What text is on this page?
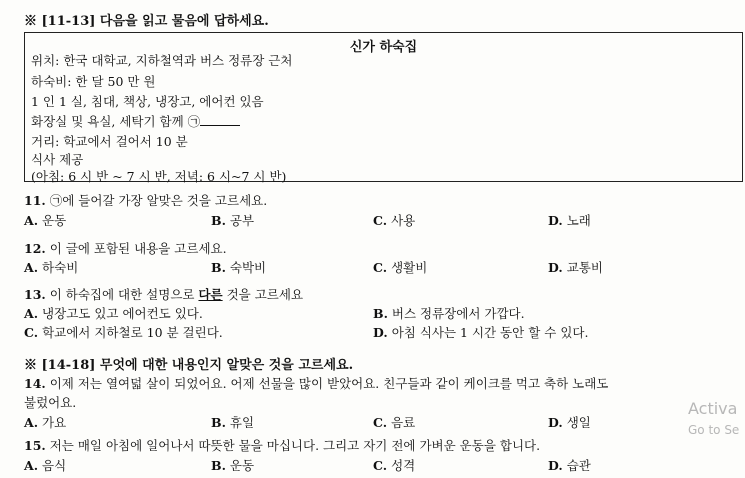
※ [11-13] 다음을 읽고 물음에 답하세요.
신가 하숙집
위치: 한국 대학교, 지하철역과 버스 정류장 근처
하숙비: 한 달 50 만 원
1 인 1 실, 침대, 책상, 냉장고, 에어컨 있음
화장실 및 욕실, 세탁기 함께 ㉠
거리: 학교에서 걸어서 10 분
식사 제공
(아침: 6 시 반 ~ 7 시 반, 저녁: 6 시~7 시 반)
11. ㉠에 들어갈 가장 알맞은 것을 고르세요.
A. 운동	B. 공부	C. 사용	D. 노래
12. 이 글에 포함된 내용을 고르세요.
A. 하숙비	B. 숙박비	C. 생활비	D. 교통비
13. 이 하숙집에 대한 설명으로 다른 것을 고르세요
A. 냉장고도 있고 에어컨도 있다.	B. 버스 정류장에서 가깝다.
C. 학교에서 지하철로 10 분 걸린다.	D. 아침 식사는 1 시간 동안 할 수 있다.
※ [14-18] 무엇에 대한 내용인지 알맞은 것을 고르세요.
14. 이제 저는 열여덟 살이 되었어요. 어제 선물을 많이 받았어요. 친구들과 같이 케이크를 먹고 축하 노래도
불렀어요.
A. 가요	B. 휴일	C. 음료	D. 생일
15. 저는 매일 아침에 일어나서 따뜻한 물을 마십니다. 그리고 자기 전에 가벼운 운동을 합니다.
A. 음식	B. 운동	C. 성격	D. 습관
Activa
Go to Se
